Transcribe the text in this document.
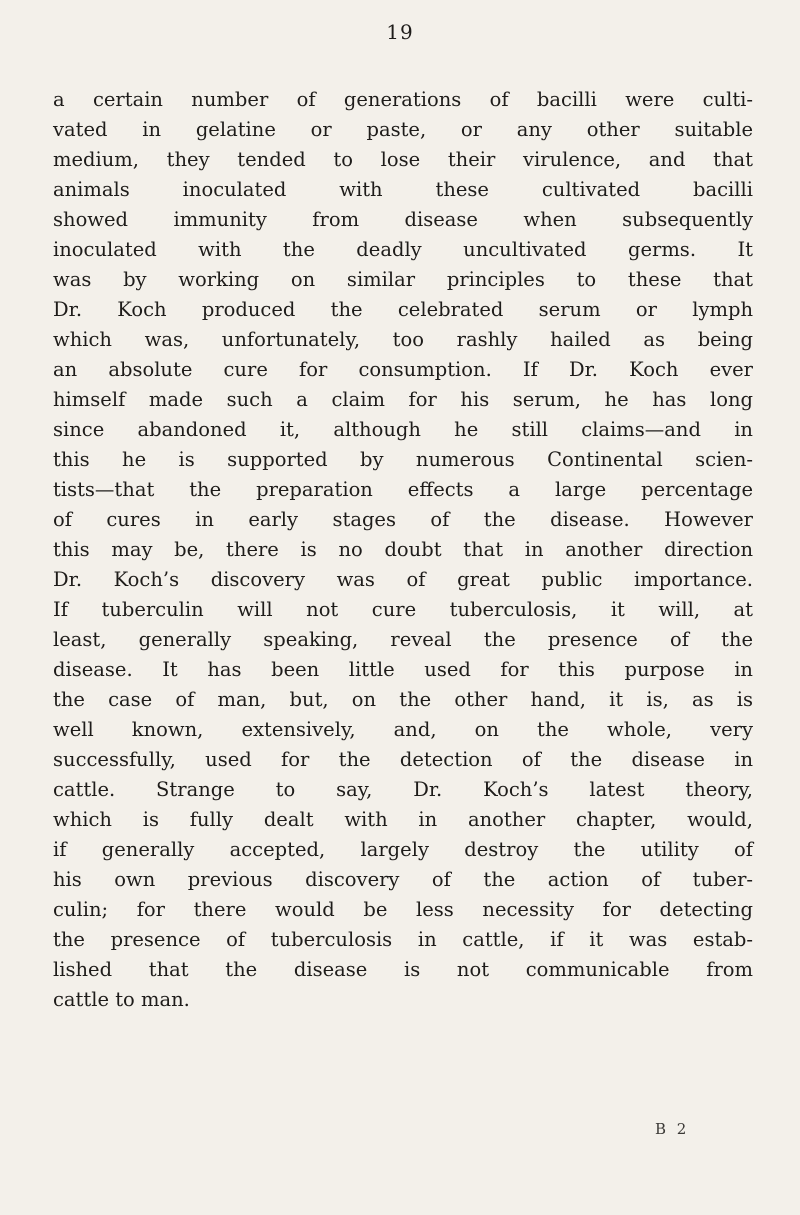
19
a certain number of generations of bacilli were culti-
vated in gelatine or paste, or any other suitable
medium, they tended to lose their virulence, and that
animals inoculated with these cultivated bacilli
showed immunity from disease when subsequently
inoculated with the deadly uncultivated germs. It
was by working on similar principles to these that
Dr. Koch produced the celebrated serum or lymph
which was, unfortunately, too rashly hailed as being
an absolute cure for consumption. If Dr. Koch ever
himself made such a claim for his serum, he has long
since abandoned it, although he still claims—and in
this he is supported by numerous Continental scien-
tists—that the preparation effects a large percentage
of cures in early stages of the disease. However
this may be, there is no doubt that in another direction
Dr. Koch’s discovery was of great public importance.
If tuberculin will not cure tuberculosis, it will, at
least, generally speaking, reveal the presence of the
disease. It has been little used for this purpose in
the case of man, but, on the other hand, it is, as is
well known, extensively, and, on the whole, very
successfully, used for the detection of the disease in
cattle. Strange to say, Dr. Koch’s latest theory,
which is fully dealt with in another chapter, would,
if generally accepted, largely destroy the utility of
his own previous discovery of the action of tuber-
culin; for there would be less necessity for detecting
the presence of tuberculosis in cattle, if it was estab-
lished that the disease is not communicable from
cattle to man.
B 2
